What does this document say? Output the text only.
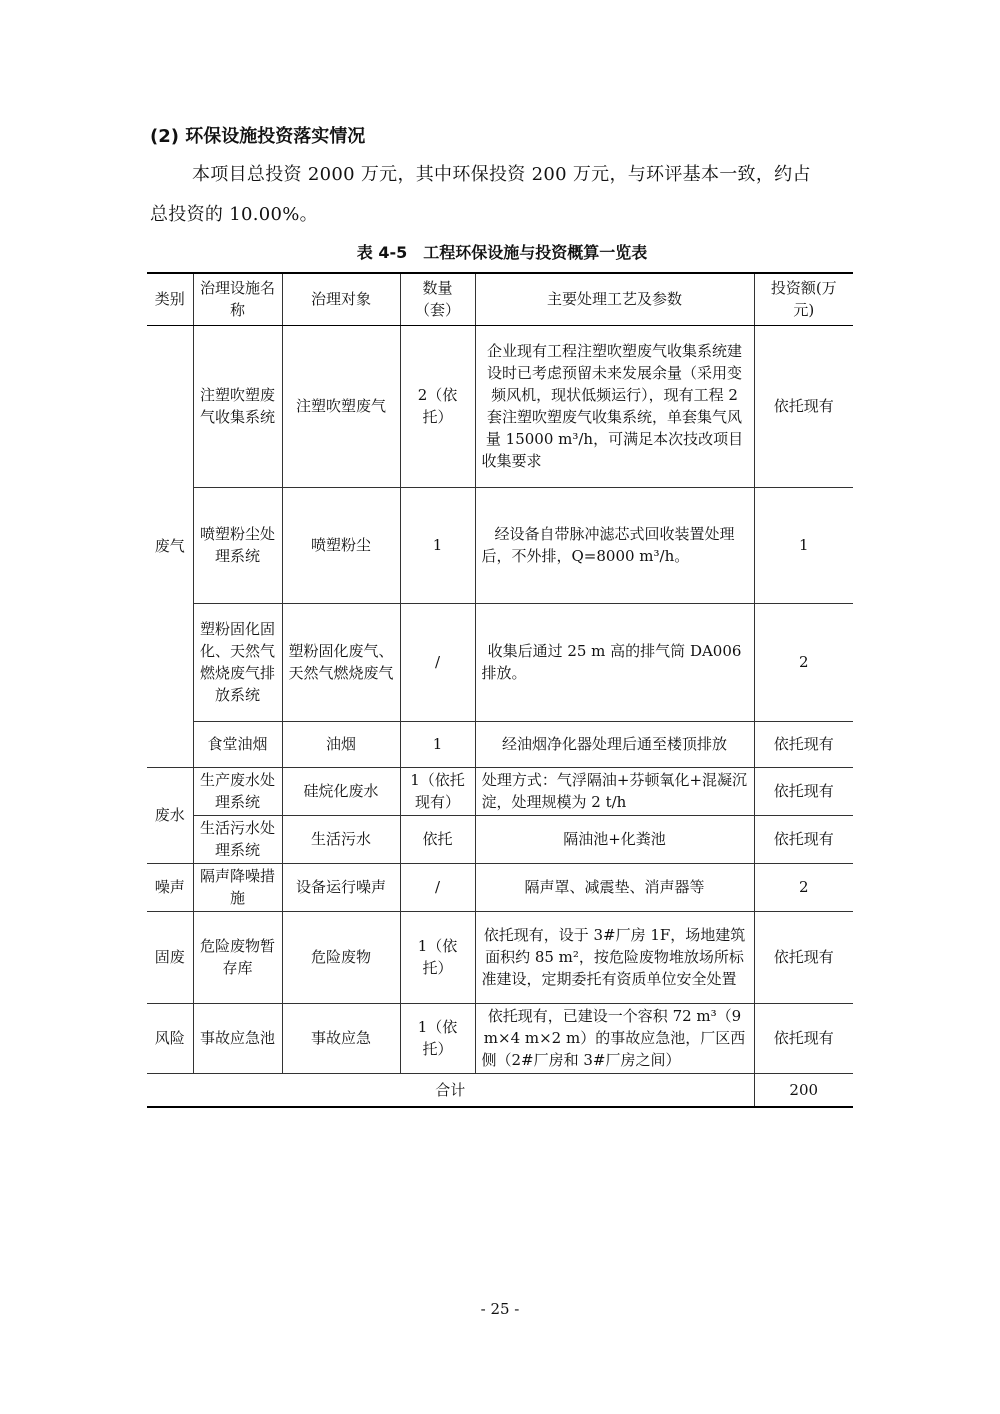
(2) 环保设施投资落实情况
本项目总投资 2000 万元，其中环保投资 200 万元，与环评基本一致，约占
总投资的 10.00%。
表 4-5　工程环保设施与投资概算一览表
类别	治理设施名称	治理对象	数量（套）	主要处理工艺及参数	投资额(万元)
废气	注塑吹塑废气收集系统	注塑吹塑废气	2（依托）	企业现有工程注塑吹塑废气收集系统建设时已考虑预留未来发展余量（采用变频风机，现状低频运行），现有工程 2 套注塑吹塑废气收集系统，单套集气风量 15000 m³/h，可满足本次技改项目收集要求	依托现有
	喷塑粉尘处理系统	喷塑粉尘	1	经设备自带脉冲滤芯式回收装置处理后，不外排，Q=8000 m³/h。	1
	塑粉固化固化、天然气燃烧废气排放系统	塑粉固化废气、天然气燃烧废气	/	收集后通过 25 m 高的排气筒 DA006 排放。	2
	食堂油烟	油烟	1	经油烟净化器处理后通至楼顶排放	依托现有
废水	生产废水处理系统	硅烷化废水	1（依托现有）	处理方式：气浮隔油+芬顿氧化+混凝沉淀，处理规模为 2 t/h	依托现有
	生活污水处理系统	生活污水	依托	隔油池+化粪池	依托现有
噪声	隔声降噪措施	设备运行噪声	/	隔声罩、减震垫、消声器等	2
固废	危险废物暂存库	危险废物	1（依托）	依托现有，设于 3#厂房 1F，场地建筑面积约 85 m²，按危险废物堆放场所标准建设，定期委托有资质单位安全处置	依托现有
风险	事故应急池	事故应急	1（依托）	依托现有，已建设一个容积 72 m³（9 m×4 m×2 m）的事故应急池，厂区西侧（2#厂房和 3#厂房之间）	依托现有
合计					200
- 25 -
